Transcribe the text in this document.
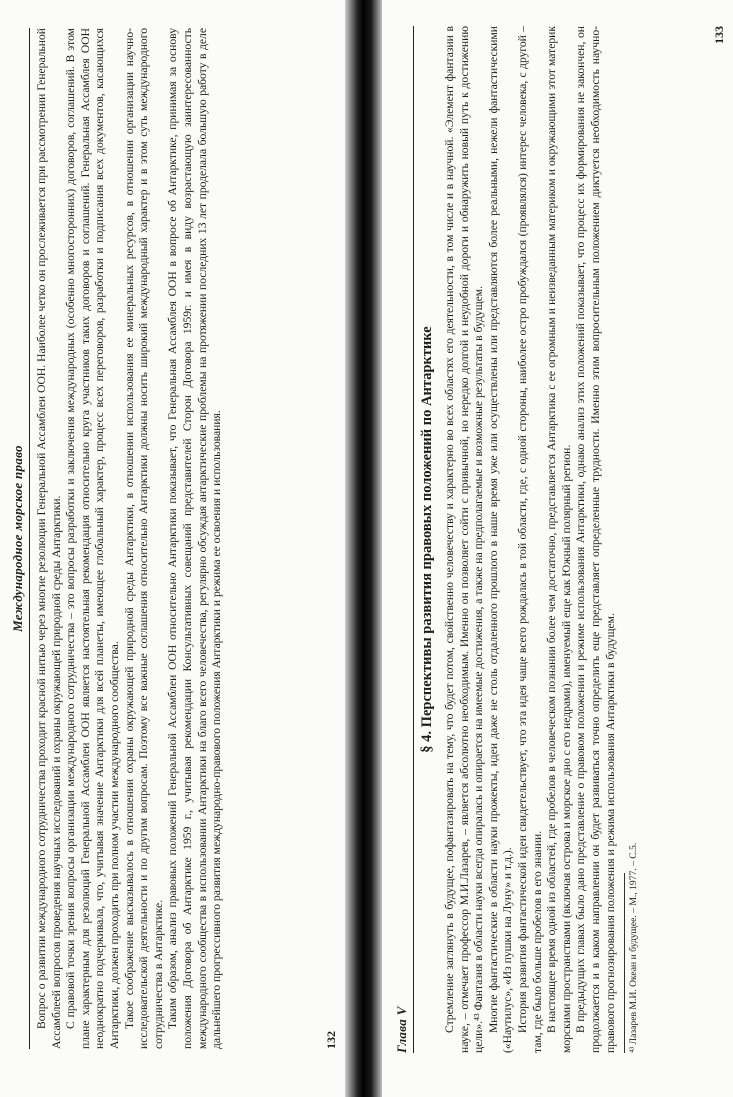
Международное морское право Вопрос о развитии международного сотрудничества проходит красной нитью через многие резолюции Генеральной Ассамблеи ООН. Наиболее четко он прослеживается при рассмотрении Генеральной Ассамблеей вопросов проведения научных исследований и охраны окружающей природной среды Антарктики. С правовой точки зрения вопросы организации международного сотрудничества – это вопросы разработки и заключения международных (особенно многосторонних) договоров, соглашений. В этом плане характерным для резолюций Генеральной Ассамблеи ООН является настоятельная рекомендация относительно круга участников таких договоров и соглашений. Генеральная Ассамблея ООН неоднократно подчеркивала, что, учитывая значение Антарктики для всей планеты, имеющее глобальный характер, процесс всех переговоров, разработки и подписания всех документов, касающихся Антарктики, должен проходить при полном участии международного сообщества. Такое соображение высказывалось в отношении охраны окружающей природной среды Антарктики, в отношении использования ее минеральных ресурсов, в отношении организации научно-исследовательской деятельности и по другим вопросам. Поэтому все важные соглашения относительно Антарктики должны носить широкий международный характер и в этом суть международного сотрудничества в Антарктике. Таким образом, анализ правовых положений Генеральной Ассамблеи ООН относительно Антарктики показывает, что Генеральная Ассамблея ООН в вопросе об Антарктике, принимая за основу положения Договора об Антарктике 1959 г., учитывая рекомендации Консультативных совещаний представителей Сторон Договора 1959г. и имея в виду возрастающую заинтересованность международного сообщества в использовании Антарктики на благо всего человечества, регулярно обсуждая антарктические проблемы на протяжении последних 13 лет проделала большую работу в деле дальнейшего прогрессивного развития международно-правового положения Антарктики и режима ее освоения и использования.	132	Глава V
§ 4. Перспективы развития правовых положений по Антарктике Стремление заглянуть в будущее, пофантазировать на тему, что будет потом, свойственно человечеству и характерно во всех областях его деятельности, в том числе и в научной. «Элемент фантазии в науке, – отмечает профессор М.И.Лазарев, – является абсолютно необходимым. Именно он позволяет сойти с привычной, но нередко долгой и неудобной дороги и обнаружить новый путь к достижению цели».⁴³ Фантазия в области науки всегда опиралась и опирается на имеемые достижения, а также на предполагаемые и возможные результаты в будущем. Многие фантастические в области науки прожекты, идеи даже не столь отдаленного прошлого в наше время уже или осуществлены или представляются более реальными, нежели фантастическими («Наутилус», «Из пушки на Луну» и т.д.). История развития фантастической идеи свидетельствует, что эта идея чаще всего рождалась в той области, где, с одной стороны, наиболее остро пробуждался (проявлялся) интерес человека, с другой – там, где было больше пробелов в его знании. В настоящее время одной из областей, где пробелов в человеческом познании более чем достаточно, представляется Антарктика с ее огромным и неизведанным материком и окружающими этот материк морскими пространствами (включая острова и морское дно с его недрами), именуемый еще как Южный полярный регион. В предыдущих главах было дано представление о правовом положении и режиме использования Антарктики, однако анализ этих положений показывает, что процесс их формирования не закончен, он продолжается и в каком направлении он будет развиваться точно определить еще представляет определенные трудности. Именно этим вопросительным положением диктуется необходимость научно-правового прогнозирования положения и режима использования Антарктики в будущем. ⁴³ Лазарев М.И. Океан и будущее. – М., 1977. – С.5.
133
